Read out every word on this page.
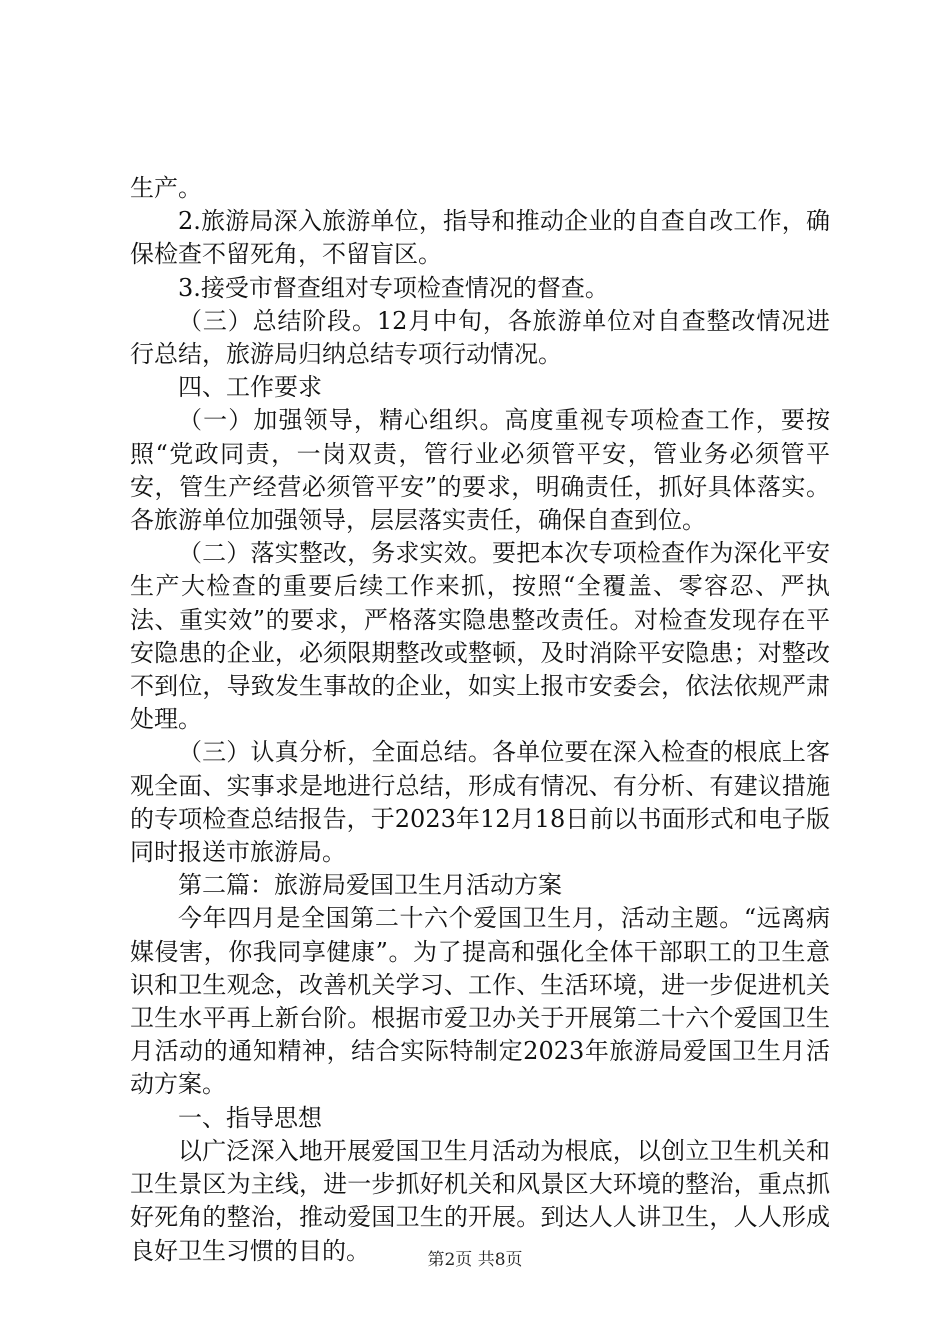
生产。

2.旅游局深入旅游单位，指导和推动企业的自查自改工作，确保检查不留死角，不留盲区。

3.接受市督查组对专项检查情况的督查。

（三）总结阶段。12月中旬，各旅游单位对自查整改情况进行总结，旅游局归纳总结专项行动情况。

四、工作要求

（一）加强领导，精心组织。高度重视专项检查工作，要按照“党政同责，一岗双责，管行业必须管平安，管业务必须管平安，管生产经营必须管平安”的要求，明确责任，抓好具体落实。各旅游单位加强领导，层层落实责任，确保自查到位。

（二）落实整改，务求实效。要把本次专项检查作为深化平安生产大检查的重要后续工作来抓，按照“全覆盖、零容忍、严执法、重实效”的要求，严格落实隐患整改责任。对检查发现存在平安隐患的企业，必须限期整改或整顿，及时消除平安隐患；对整改不到位，导致发生事故的企业，如实上报市安委会，依法依规严肃处理。

（三）认真分析，全面总结。各单位要在深入检查的根底上客观全面、实事求是地进行总结，形成有情况、有分析、有建议措施的专项检查总结报告，于2023年12月18日前以书面形式和电子版同时报送市旅游局。

第二篇：旅游局爱国卫生月活动方案

今年四月是全国第二十六个爱国卫生月，活动主题。“远离病媒侵害，你我同享健康”。为了提高和强化全体干部职工的卫生意识和卫生观念，改善机关学习、工作、生活环境，进一步促进机关卫生水平再上新台阶。根据市爱卫办关于开展第二十六个爱国卫生月活动的通知精神，结合实际特制定2023年旅游局爱国卫生月活动方案。

一、指导思想

以广泛深入地开展爱国卫生月活动为根底，以创立卫生机关和卫生景区为主线，进一步抓好机关和风景区大环境的整治，重点抓好死角的整治，推动爱国卫生的开展。到达人人讲卫生，人人形成良好卫生习惯的目的。	第2页 共8页
